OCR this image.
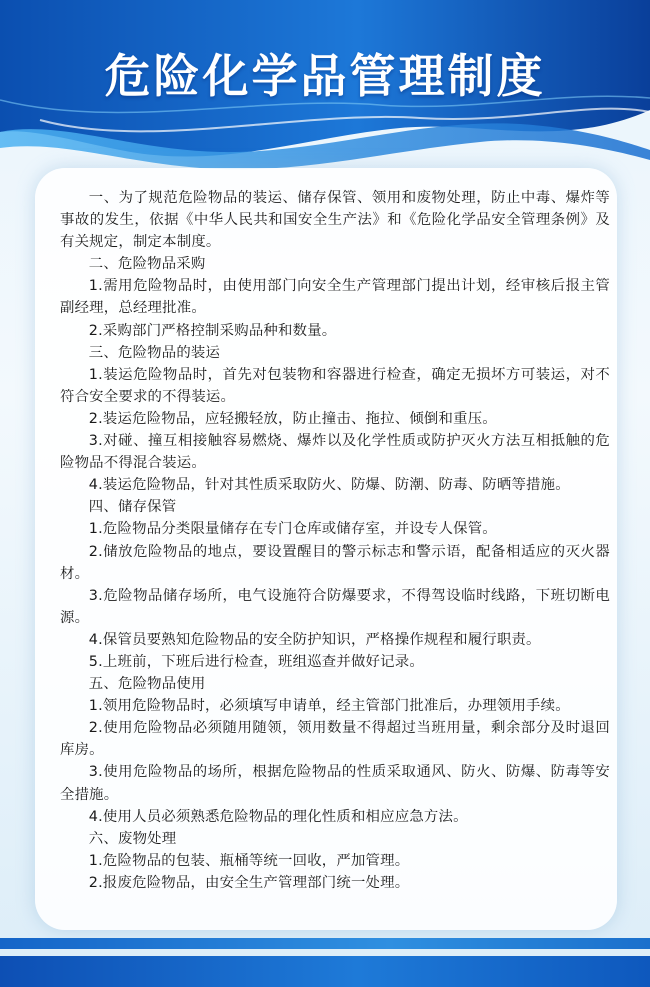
危险化学品管理制度

一、为了规范危险物品的装运、储存保管、领用和废物处理，防止中毒、爆炸等事故的发生，依据《中华人民共和国安全生产法》和《危险化学品安全管理条例》及有关规定，制定本制度。

二、危险物品采购

1.需用危险物品时，由使用部门向安全生产管理部门提出计划，经审核后报主管副经理，总经理批准。

2.采购部门严格控制采购品种和数量。

三、危险物品的装运

1.装运危险物品时，首先对包装物和容器进行检查，确定无损坏方可装运，对不符合安全要求的不得装运。

2.装运危险物品，应轻搬轻放，防止撞击、拖拉、倾倒和重压。

3.对碰、撞互相接触容易燃烧、爆炸以及化学性质或防护灭火方法互相抵触的危险物品不得混合装运。

4.装运危险物品，针对其性质采取防火、防爆、防潮、防毒、防晒等措施。

四、储存保管

1.危险物品分类限量储存在专门仓库或储存室，并设专人保管。

2.储放危险物品的地点，要设置醒目的警示标志和警示语，配备相适应的灭火器材。

3.危险物品储存场所，电气设施符合防爆要求，不得驾设临时线路，下班切断电源。

4.保管员要熟知危险物品的安全防护知识，严格操作规程和履行职责。

5.上班前，下班后进行检查，班组巡查并做好记录。

五、危险物品使用

1.领用危险物品时，必须填写申请单，经主管部门批准后，办理领用手续。

2.使用危险物品必须随用随领，领用数量不得超过当班用量，剩余部分及时退回库房。

3.使用危险物品的场所，根据危险物品的性质采取通风、防火、防爆、防毒等安全措施。

4.使用人员必须熟悉危险物品的理化性质和相应应急方法。

六、废物处理

1.危险物品的包装、瓶桶等统一回收，严加管理。

2.报废危险物品，由安全生产管理部门统一处理。
